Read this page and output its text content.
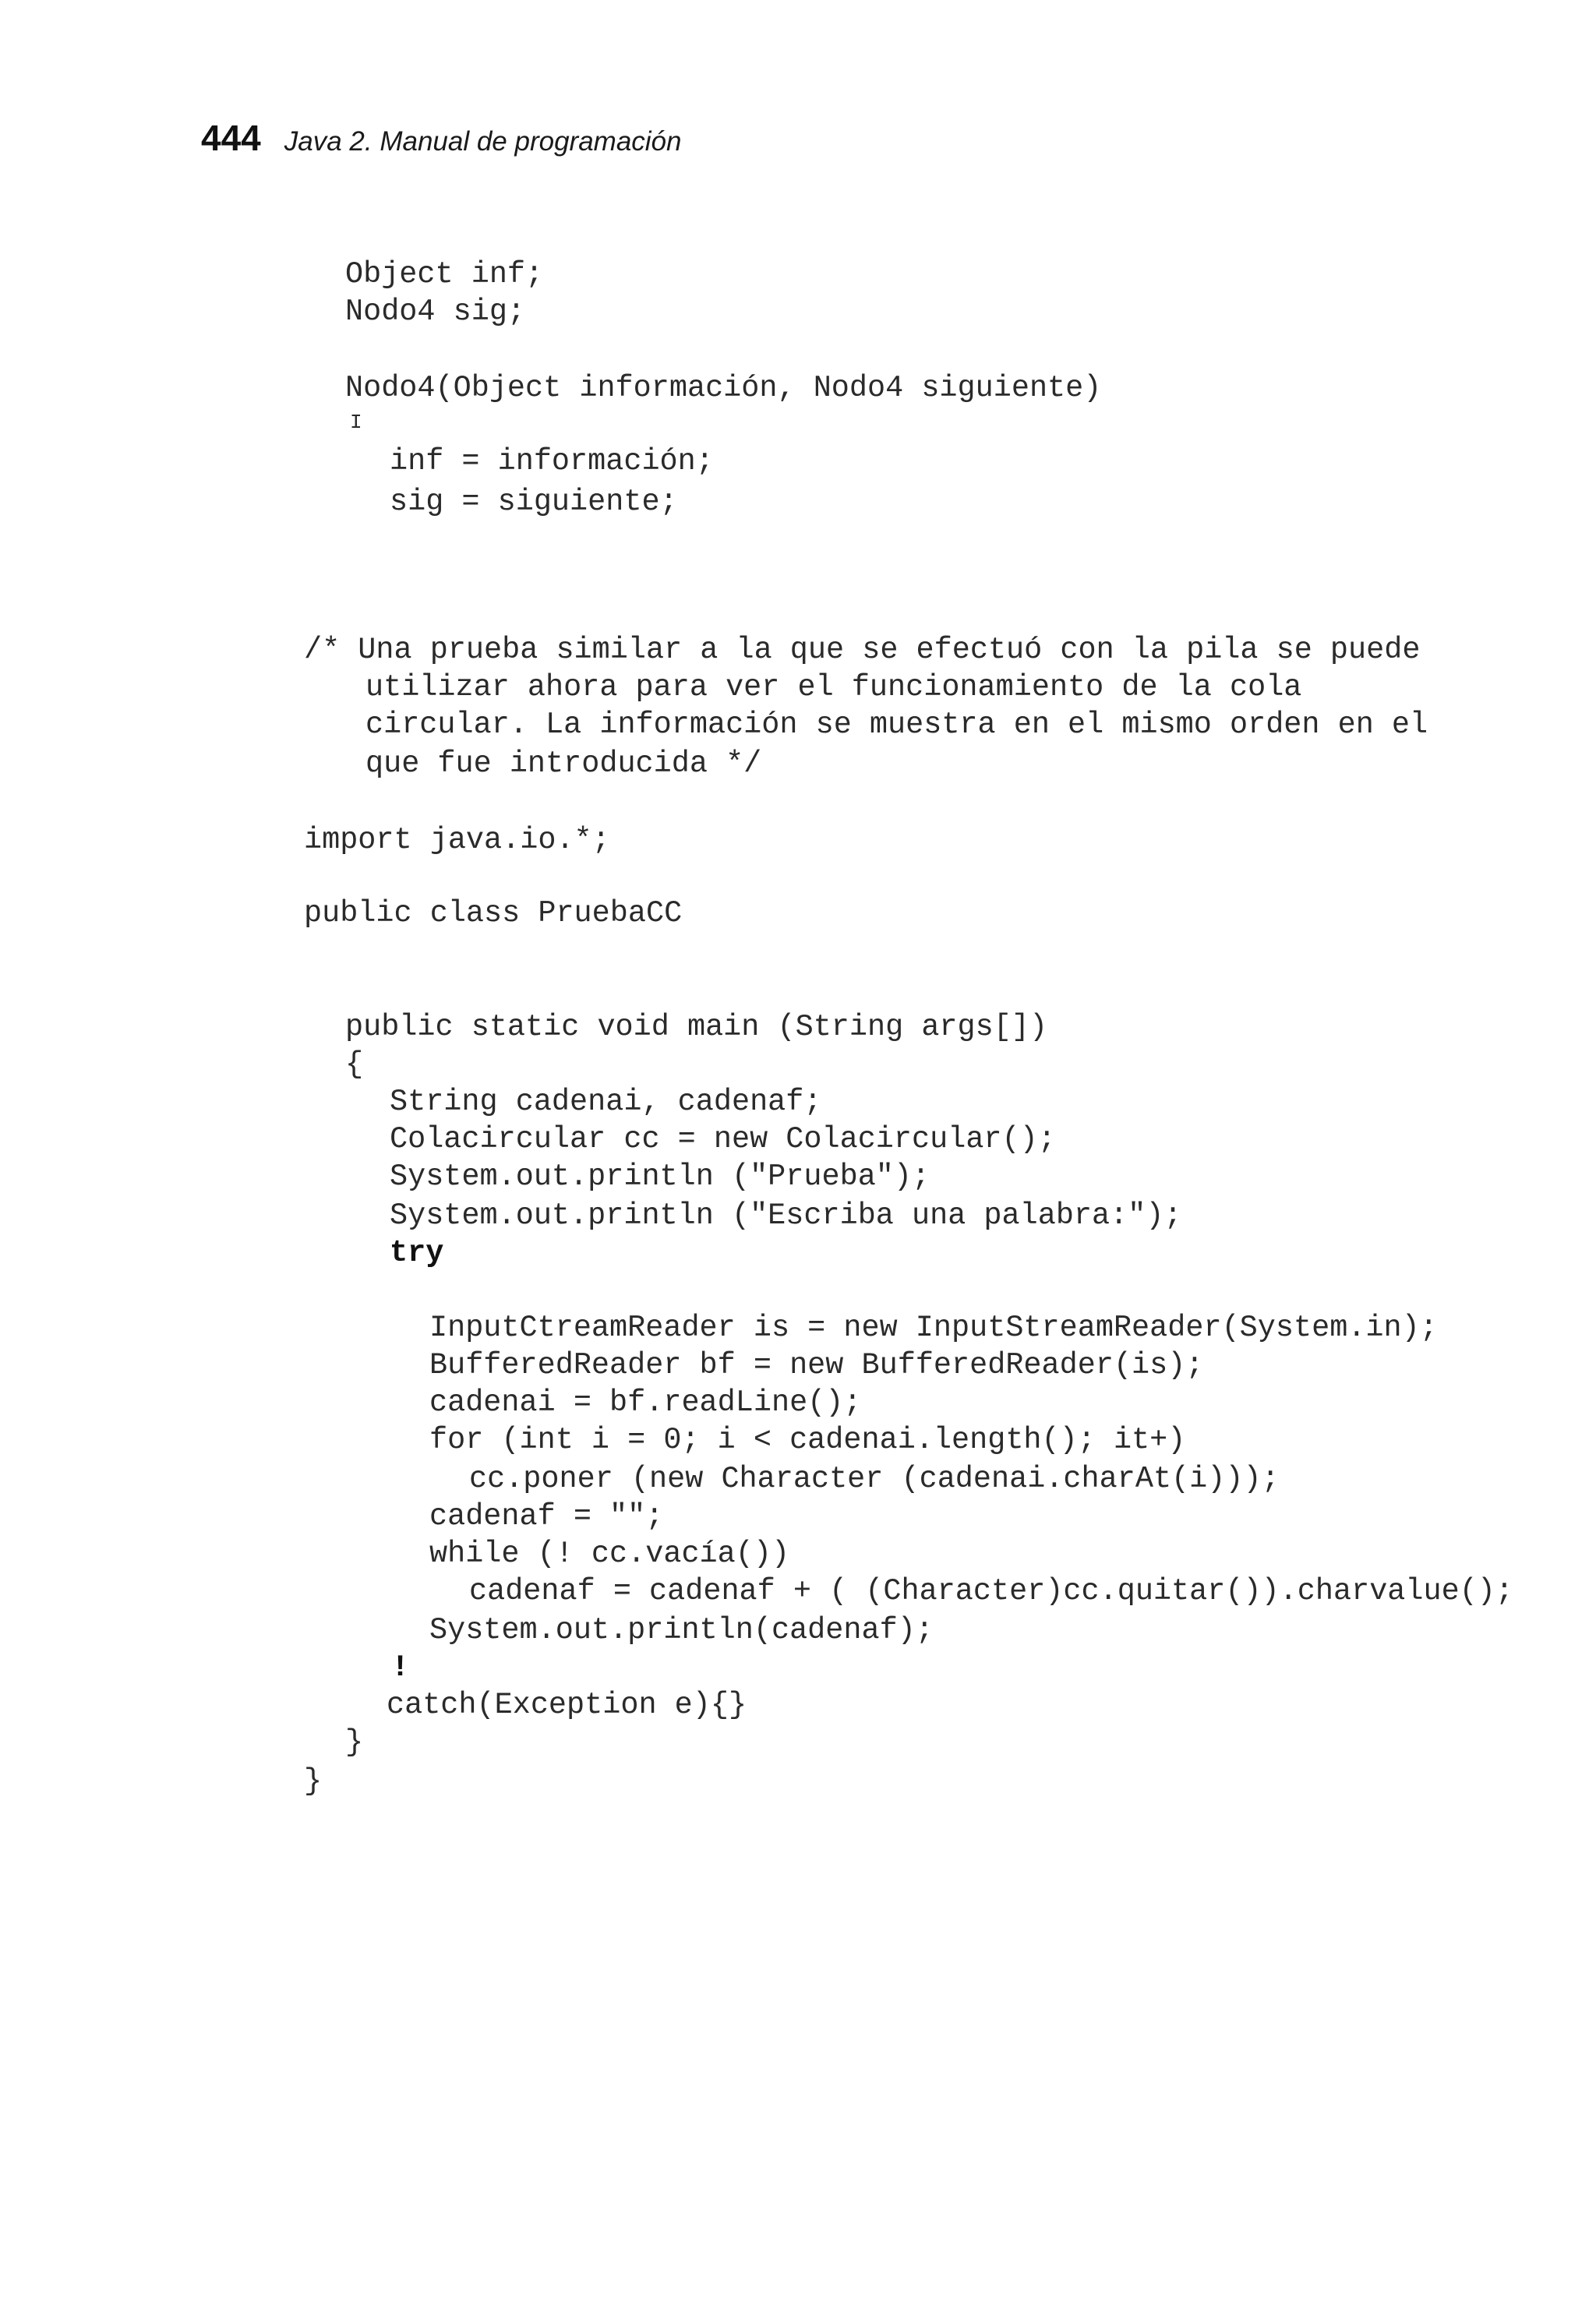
444 Java 2. Manual de programación
Object inf;
Nodo4 sig;
Nodo4(Object información, Nodo4 siguiente)
I
inf = información;
sig = siguiente;
/* Una prueba similar a la que se efectuó con la pila se puede
utilizar ahora para ver el funcionamiento de la cola
circular. La información se muestra en el mismo orden en el
que fue introducida */
import java.io.*;
public class PruebaCC
public static void main (String args[])
{
String cadenai, cadenaf;
Colacircular cc = new Colacircular();
System.out.println ("Prueba");
System.out.println ("Escriba una palabra:");
try
InputCtreamReader is = new InputStreamReader(System.in);
BufferedReader bf = new BufferedReader(is);
cadenai = bf.readLine();
for (int i = 0; i < cadenai.length(); it+)
cc.poner (new Character (cadenai.charAt(i)));
cadenaf = "";
while (! cc.vacía())
cadenaf = cadenaf + ( (Character)cc.quitar()).charvalue();
System.out.println(cadenaf);
!
catch(Exception e){}
}
}
